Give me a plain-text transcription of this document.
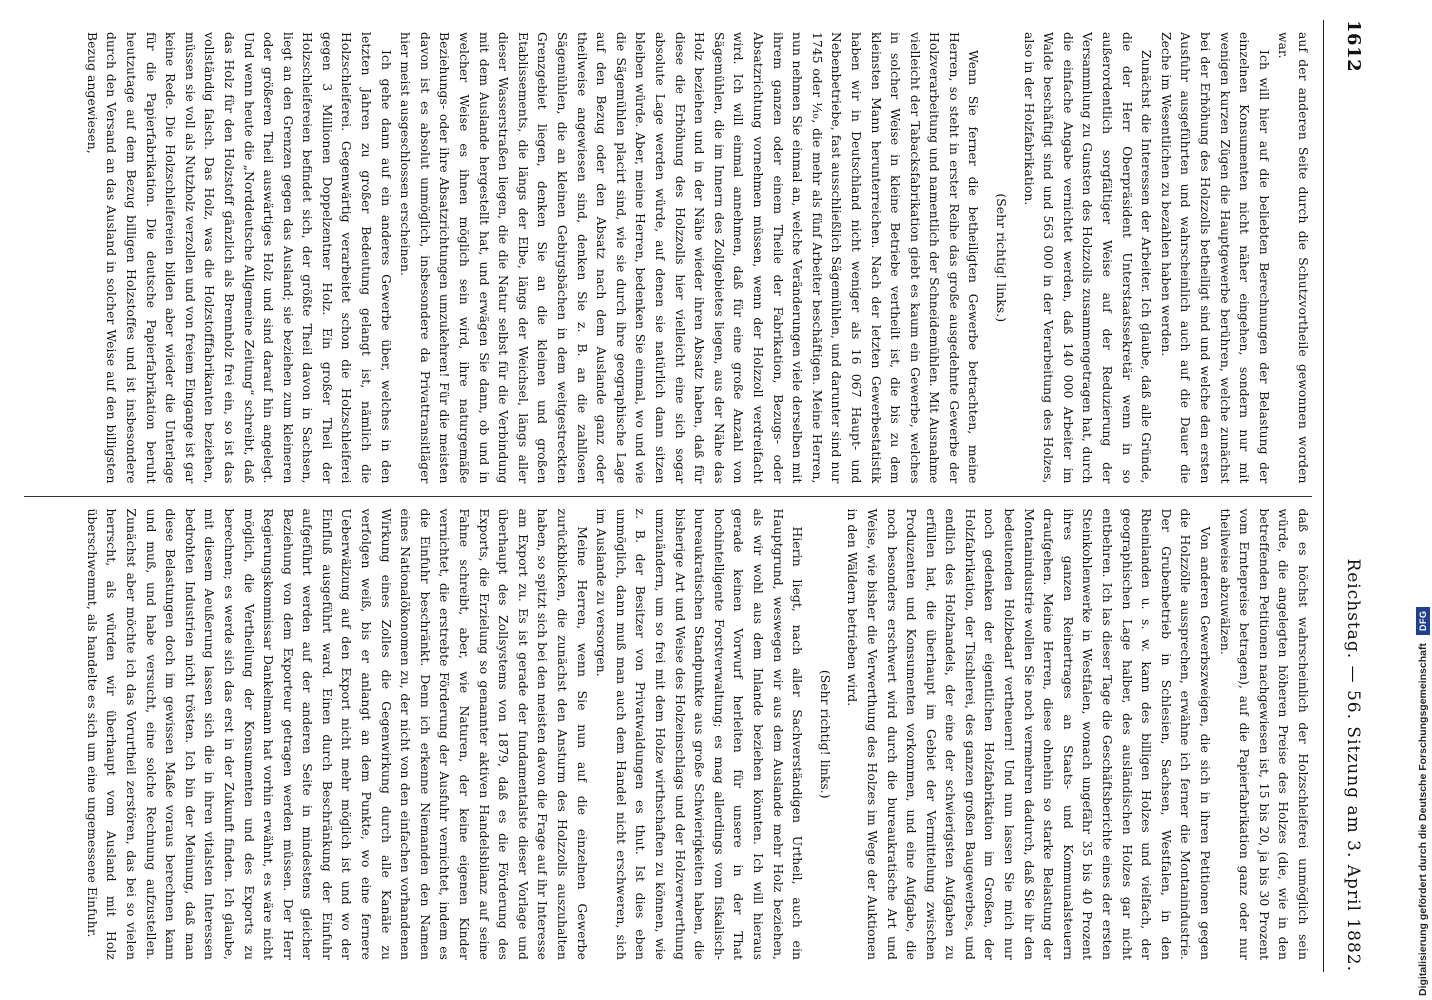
1612
Reichstag. — 56. Sitzung am 3. April 1882.

auf der anderen Seite durch die Schutzvortheile gewonnen worden war.

Ich will hier auf die beliebten Berechnungen der Belastung der einzelnen Konsumenten nicht näher eingehen, sondern nur mit wenigen kurzen Zügen die Hauptgewerbe berühren, welche zunächst bei der Erhöhung des Holzzolls betheiligt sind und welche den ersten Ausfuhr ausgeführten und wahrscheinlich auch auf die Dauer die Zeche im Wesentlichen zu bezahlen haben werden.

Zunächst die Interessen der Arbeiter. Ich glaube, daß alle Gründe, die der Herr Oberpräsident Unterstaatssekretär wenn in so außerordentlich sorgfältiger Weise auf der Reduzierung der Versammlung zu Gunsten des Holzzolls zusammengetragen hat, durch die einfache Angabe vernichtet werden, daß 140 000 Arbeiter im Walde beschäftigt sind und 563 000 in der Verarbeitung des Holzes, also in der Holzfabrikation.

(Sehr richtig! links.)

Wenn Sie ferner die betheiligten Gewerbe betrachten, meine Herren, so steht in erster Reihe das große ausgedehnte Gewerbe der Holzverarbeitung und namentlich der Schneidemühlen. Mit Ausnahme vielleicht der Tabacksfabrikation giebt es kaum ein Gewerbe, welches in solcher Weise in kleine Betriebe vertheilt ist, die bis zu dem kleinsten Mann herunterreichen. Nach der letzten Gewerbestatistik haben wir in Deutschland nicht weniger als 16 067 Haupt- und Nebenbetriebe, fast ausschließlich Sägemühlen, und darunter sind nur 1745 oder ⅒, die mehr als fünf Arbeiter beschäftigen. Meine Herren, nun nehmen Sie einmal an, welche Veränderungen viele derselben mit ihrem ganzen oder einem Theile der Fabrikation, Bezugs- oder Absatzrichtung vornehmen müssen, wenn der Holzzoll verdreifacht wird. Ich will einmal annehmen, daß für eine große Anzahl von Sägemühlen, die im Innern des Zollgebietes liegen, aus der Nähe das Holz beziehen und in der Nähe wieder ihren Absatz haben, daß für diese die Erhöhung des Holzzolls hier vielleicht eine sich sogar absolute Lage werden würde, auf denen sie natürlich dann sitzen bleiben würde. Aber, meine Herren, bedenken Sie einmal, wo und wie die Sägemühlen placirt sind, wie sie durch ihre geographische Lage auf den Bezug oder den Absatz nach dem Auslande ganz oder theilweise angewiesen sind, denken Sie z. B. an die zahllosen Sägemühlen, die an kleinen Gebirgsbächen in dem weitgestreckten Grenzgebiet liegen, denken Sie an die kleinen und großen Etablissements, die längs der Elbe, längs der Weichsel, längs aller dieser Wasserstraßen liegen, die die Natur selbst für die Verbindung mit dem Auslande hergestellt hat, und erwägen Sie dann, ob und in welcher Weise es ihnen möglich sein wird, ihre naturgemäße Beziehungs- oder ihre Absatzrichtungen umzukehren! Für die meisten davon ist es absolut unmöglich, insbesondere da Privattransitläger hier meist ausgeschlossen erscheinen.

Ich gehe dann auf ein anderes Gewerbe über, welches in den letzten Jahren zu großer Bedeutung gelangt ist, nämlich die Holzschleiferei. Gegenwärtig verarbeitet schon die Holzschleiferei gegen 3 Millionen Doppelzentner Holz. Ein großer Theil der Holzschleifereien befindet sich, der größte Theil davon in Sachsen, liegt an den Grenzen gegen das Ausland; sie beziehen zum kleineren oder größeren Theil auswärtiges Holz und sind darauf hin angelegt. Und wenn heute die „Norddeutsche Allgemeine Zeitung“ schreibt, daß das Holz für den Holzstoff gänzlich als Brennholz frei ein, so ist das vollständig falsch. Das Holz, was die Holzstofffabrikanten beziehen, müssen sie voll als Nutzholz verzollen und von freiem Eingange ist gar keine Rede. Die Holzschleifereien bilden aber wieder die Unterlage für die Papierfabrikation. Die deutsche Papierfabrikation beruht heutzutage auf dem Bezug billigen Holzstoffes und ist insbesondere durch den Versand an das Ausland in solcher Weise auf den billigsten Bezug angewiesen,

daß es höchst wahrscheinlich der Holzschleiferei unmöglich sein würde, die angelegten höheren Preise des Holzes (die, wie in den betreffenden Petitionen nachgewiesen ist, 15 bis 20, ja bis 30 Prozent vom Erntepreise betragen), auf die Papierfabrikation ganz oder nur theilweise abzuwälzen.

Von anderen Gewerbszweigen, die sich in ihren Petitionen gegen die Holzzölle aussprechen, erwähne ich ferner die Montanindustrie. Der Grubenbetrieb in Schlesien, Sachsen, Westfalen, in den Rheinlanden u. s. w. kann des billigen Holzes und vielfach, der geographischen Lage halber, des ausländischen Holzes gar nicht entbehren. Ich las dieser Tage die Geschäftsberichte eines der ersten Steinkohlenwerke in Westfalen, wonach ungefähr 35 bis 40 Prozent ihres ganzen Reinertrages an Staats- und Kommunalsteuern draufgehen. Meine Herren, diese ohnehin so starke Belastung der Montanindustrie wollen Sie noch vermehren dadurch, daß Sie ihr den bedeutenden Holzbedarf vertheuern! Und nun lassen Sie mich nur noch gedenken der eigentlichen Holzfabrikation im Großen, der Holzfabrikation, der Tischlerei, des ganzen großen Baugewerbes, und endlich des Holzhandels, der eine der schwierigsten Aufgaben zu erfüllen hat, die überhaupt im Gebiet der Vermittelung zwischen Produzenten und Konsumenten vorkommen, und eine Aufgabe, die noch besonders erschwert wird durch die bureaukratische Art und Weise, wie bisher die Verwerthung des Holzes im Wege der Auktionen in den Wäldern betrieben wird.

(Sehr richtig! links.)

Hierin liegt, nach aller Sachverständigen Urtheil, auch ein Hauptgrund, weswegen wir aus dem Auslande mehr Holz beziehen, als wir wohl aus dem Inlande beziehen könnten. Ich will hieraus gerade keinen Vorwurf herleiten für unsere in der That hochintelligente Forstverwaltung; es mag allerdings vom fiskalisch-bureaukratischen Standpunkte aus große Schwierigkeiten haben, die bisherige Art und Weise des Holzeinschlags und der Holzverwerthung umzuändern, um so frei mit dem Holze wirthschaften zu können, wie z. B. der Besitzer von Privatwaldungen es thut. Ist dies eben unmöglich, dann muß man auch dem Handel nicht erschweren, sich im Auslande zu versorgen.

Meine Herren, wenn Sie nun auf die einzelnen Gewerbe zurückblicken, die zunächst den Ansturm des Holzzolls auszuhalten haben, so spitzt sich bei den meisten davon die Frage auf ihr Interesse am Export zu. Es ist gerade der fundamentalste dieser Vorlage und überhaupt des Zollsystems von 1879, daß es die Förderung des Exports, die Erzielung so genannter aktiven Handelsbilanz auf seine Fahne schreibt, aber, wie Naturen, der keine eigenen Kinder vernichtet, die erstrebte Förderung der Ausfuhr vernichtet, indem es die Einfuhr beschränkt. Denn ich erkenne Niemanden den Namen eines Nationalökonomen zu, der nicht von den einfachen vorhandenen Wirkung eines Zolles die Gegenwirkung durch alle Kanäle zu verfolgen weiß, bis er anlangt an dem Punkte, wo eine fernere Ueberwälzung auf den Export nicht mehr möglich ist und wo der Einfluß ausgeführt ward. Einen durch Beschränkung der Einfuhr aufgeführt werden auf der anderen Seite in mindestens gleicher Beziehung von dem Exporteur getragen werden müssen. Der Herr Regierungskommissar Dankelmann hat vorhin erwähnt, es wäre nicht möglich, die Vertheilung der Konsumenten und des Exports zu berechnen; es werde sich das erst in der Zukunft finden. Ich glaube, mit diesem Aeußerung lassen sich die in ihren vitalsten Interessen bedrohten Industrien nicht trösten. Ich bin der Meinung, daß man diese Belastungen doch im gewissen Maße voraus berechnen kann und muß, und habe versucht, eine solche Rechnung aufzustellen. Zunächst aber möchte ich das Vorurtheil zerstören, das bei so vielen herrscht, als würden wir überhaupt vom Ausland mit Holz überschwemmt, als handelte es sich um eine ungemessene Einfuhr.	Digitalisierung gefördert durch die Deutsche Forschungsgemeinschaft
DFG
